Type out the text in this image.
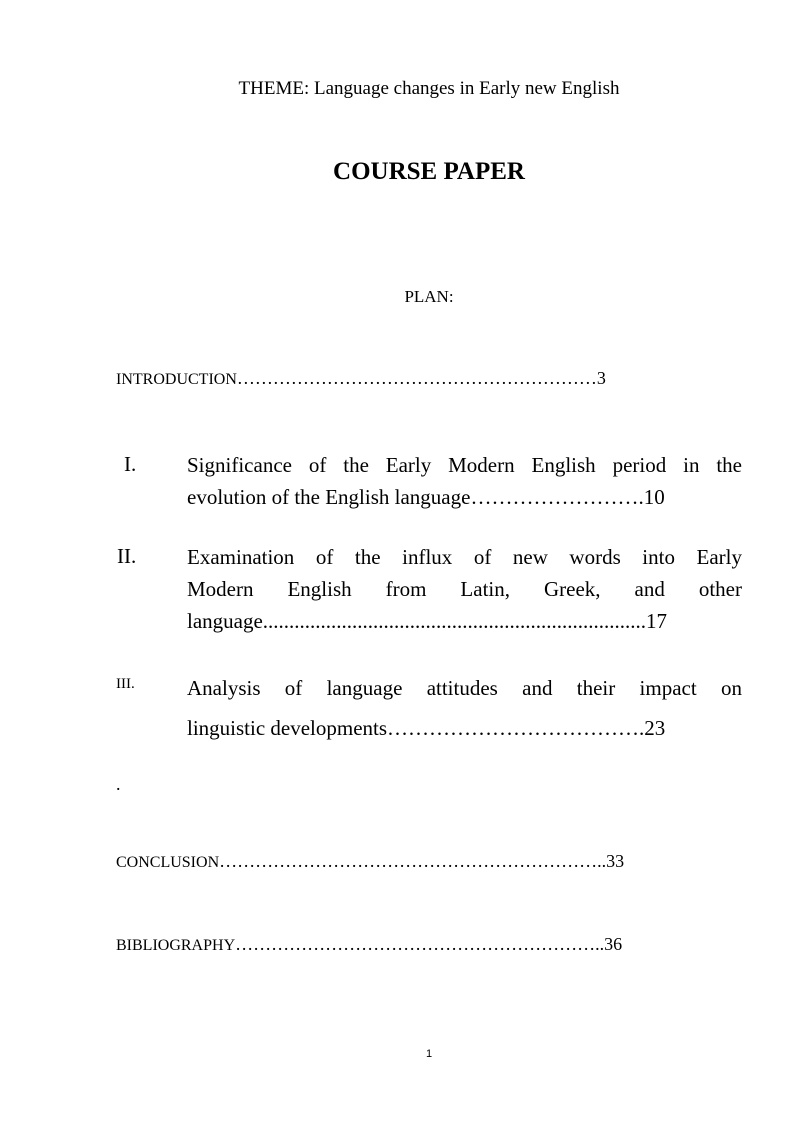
THEME: Language changes in Early new English
COURSE PAPER
PLAN:
INTRODUCTION……………………………………………………3
I. Significance of the Early Modern English period in the
evolution of the English language…………………….10
II. Examination of the influx of new words into Early
Modern English from Latin, Greek, and other
language.........................................................................17
III. Analysis of language attitudes and their impact on
linguistic developments……………………………….23
.
CONCLUSION………………………………………………………..33
BIBLIOGRAPHY……………………………………………………..36
1
